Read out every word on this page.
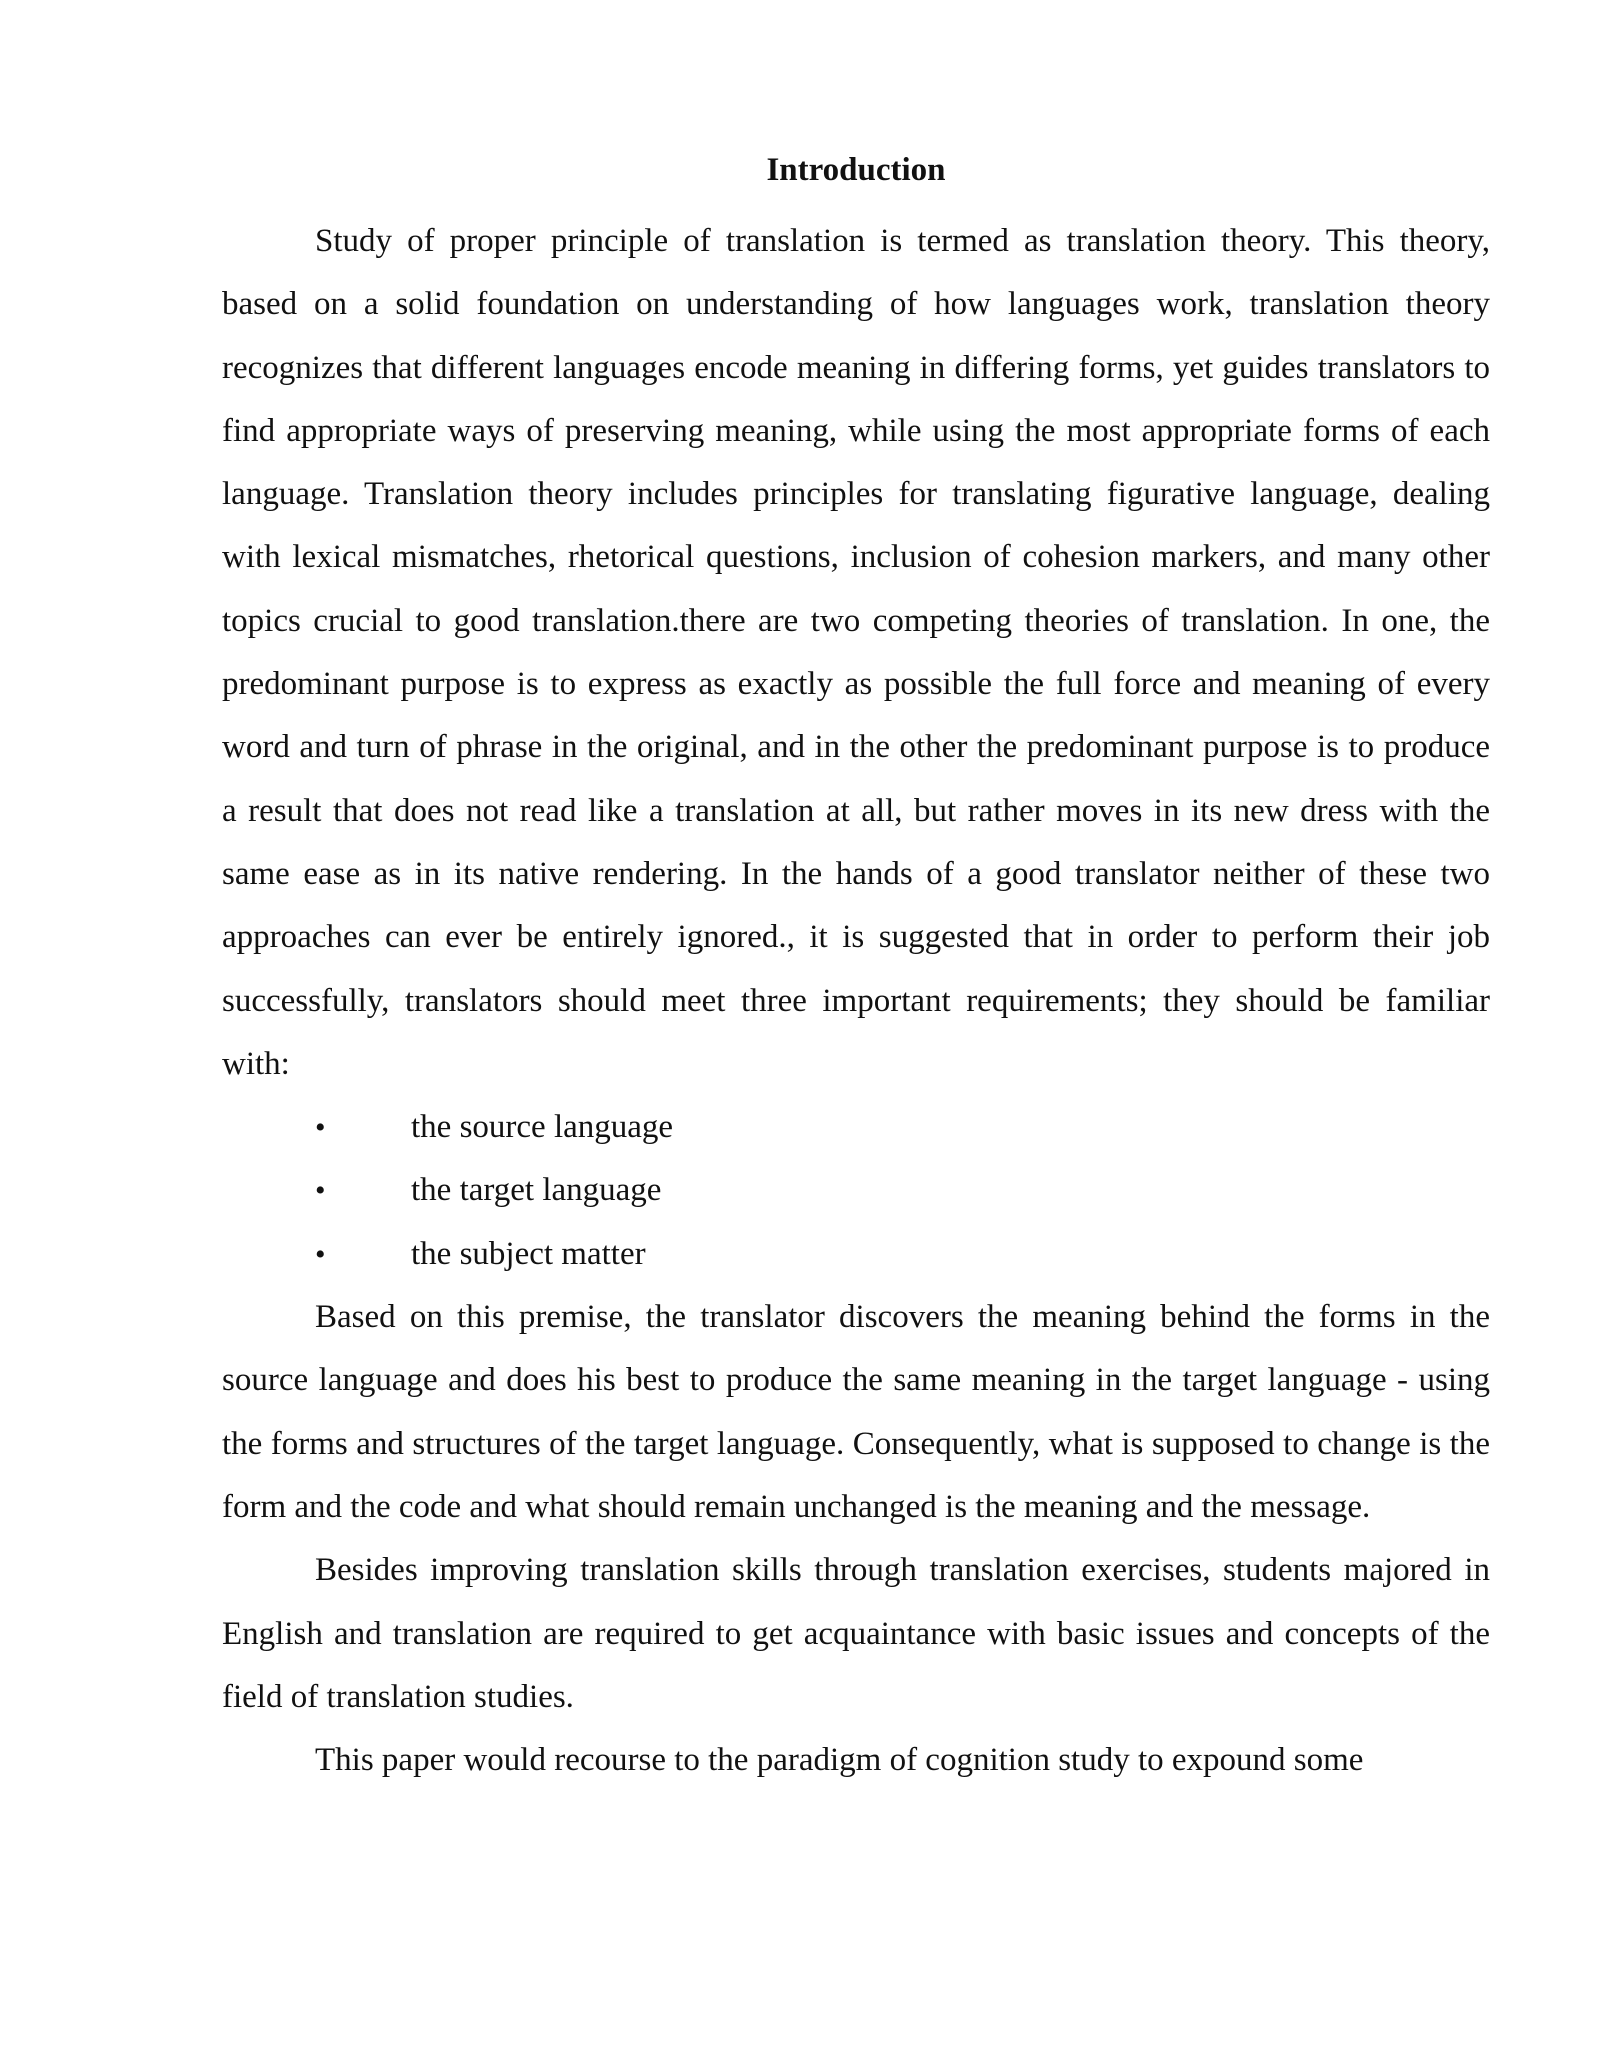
Introduction

Study of proper principle of translation is termed as translation theory. This theory, based on a solid foundation on understanding of how languages work, translation theory recognizes that different languages encode meaning in differing forms, yet guides translators to find appropriate ways of preserving meaning, while using the most appropriate forms of each language. Translation theory includes principles for translating figurative language, dealing with lexical mismatches, rhetorical questions, inclusion of cohesion markers, and many other topics crucial to good translation.there are two competing theories of translation. In one, the predominant purpose is to express as exactly as possible the full force and meaning of every word and turn of phrase in the original, and in the other the predominant purpose is to produce a result that does not read like a translation at all, but rather moves in its new dress with the same ease as in its native rendering. In the hands of a good translator neither of these two approaches can ever be entirely ignored., it is suggested that in order to perform their job successfully, translators should meet three important requirements; they should be familiar with:

•	the source language
•	the target language
•	the subject matter

Based on this premise, the translator discovers the meaning behind the forms in the source language and does his best to produce the same meaning in the target language - using the forms and structures of the target language. Consequently, what is supposed to change is the form and the code and what should remain unchanged is the meaning and the message.

Besides improving translation skills through translation exercises, students majored in English and translation are required to get acquaintance with basic issues and concepts of the field of translation studies.

This paper would recourse to the paradigm of cognition study to expound some
